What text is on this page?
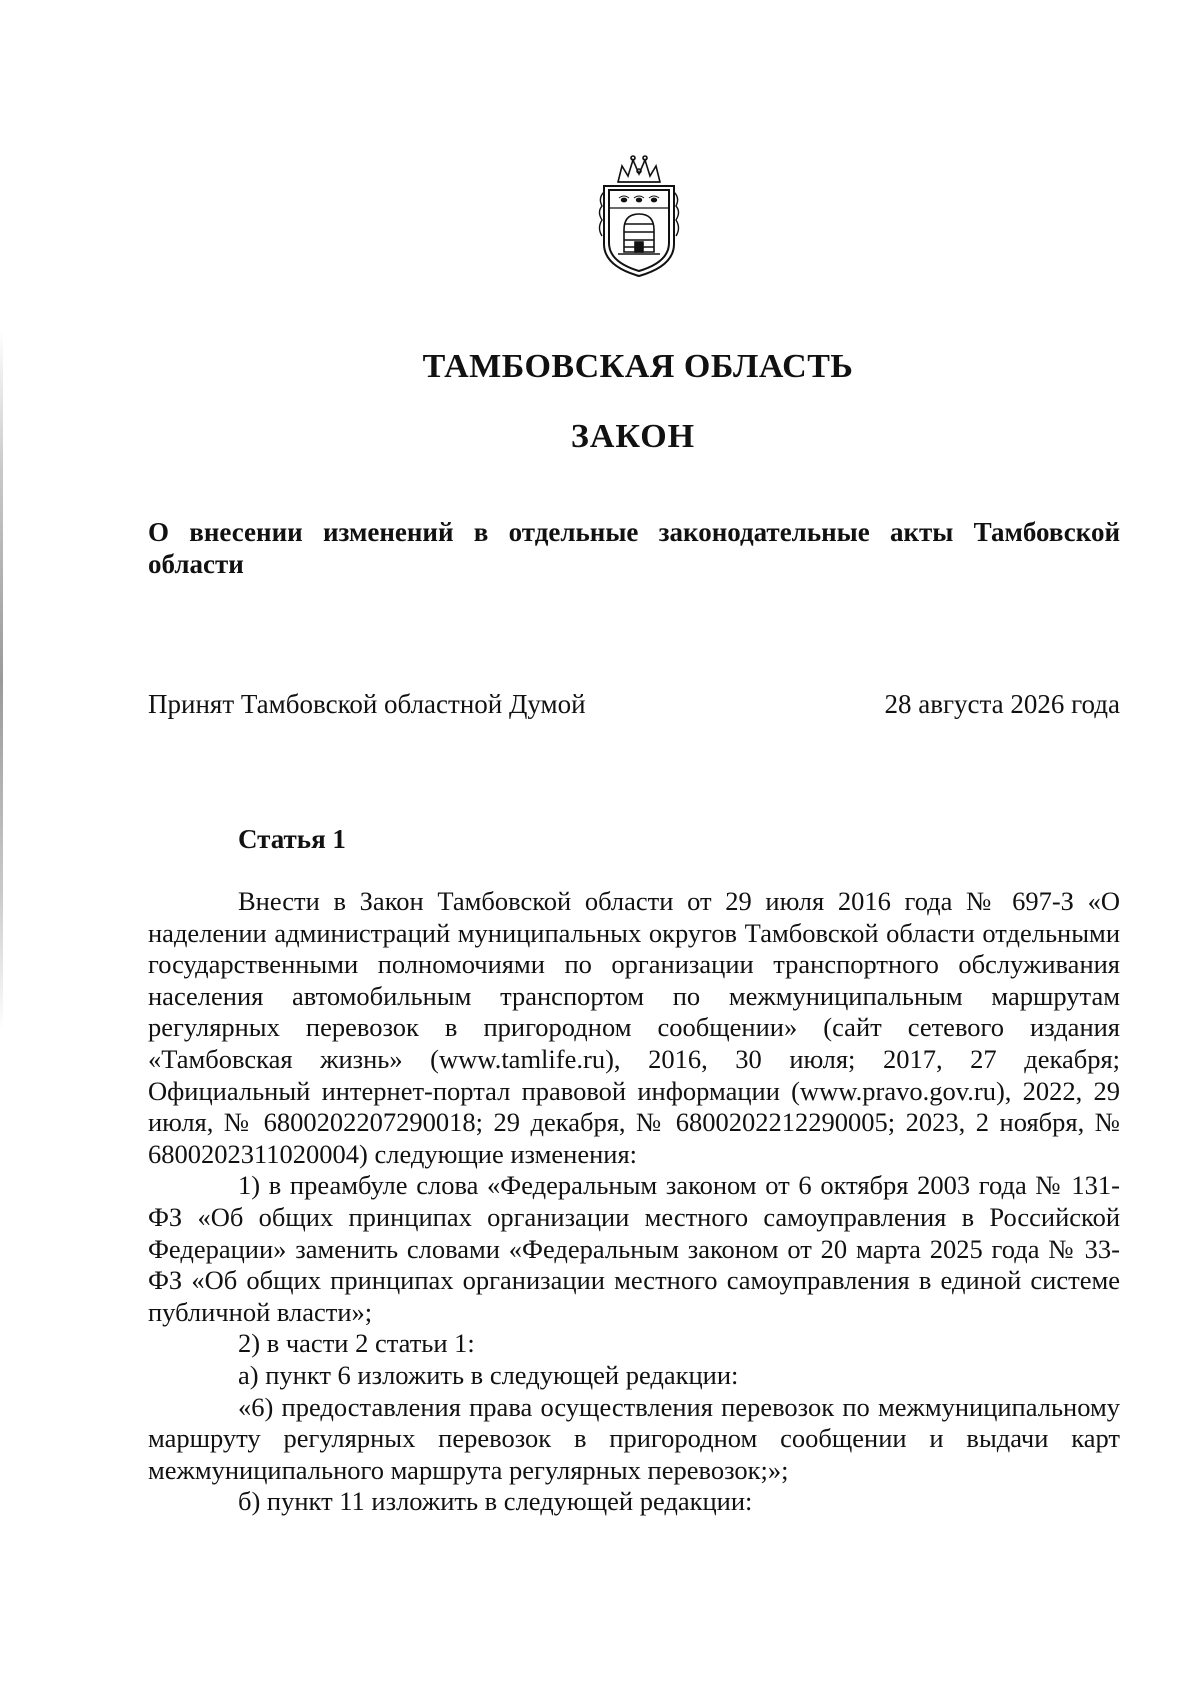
ТАМБОВСКАЯ ОБЛАСТЬ
ЗАКОН
О внесении изменений в отдельные законодательные акты Тамбовской области
Принят Тамбовской областной Думой	28 августа 2026 года
Статья 1

Внести в Закон Тамбовской области от 29 июля 2016 года № 697-З «О наделении администраций муниципальных округов Тамбовской области отдельными государственными полномочиями по организации транспортного обслуживания населения автомобильным транспортом по межмуниципальным маршрутам регулярных перевозок в пригородном сообщении» (сайт сетевого издания «Тамбовская жизнь» (www.tamlife.ru), 2016, 30 июля; 2017, 27 декабря; Официальный интернет-портал правовой информации (www.pravo.gov.ru), 2022, 29 июля, № 6800202207290018; 29 декабря, № 6800202212290005; 2023, 2 ноября, № 6800202311020004) следующие изменения:

1) в преамбуле слова «Федеральным законом от 6 октября 2003 года № 131-ФЗ «Об общих принципах организации местного самоуправления в Российской Федерации» заменить словами «Федеральным законом от 20 марта 2025 года № 33-ФЗ «Об общих принципах организации местного самоуправления в единой системе публичной власти»;

2) в части 2 статьи 1:

а) пункт 6 изложить в следующей редакции:

«6) предоставления права осуществления перевозок по межмуниципальному маршруту регулярных перевозок в пригородном сообщении и выдачи карт межмуниципального маршрута регулярных перевозок;»;

б) пункт 11 изложить в следующей редакции:
